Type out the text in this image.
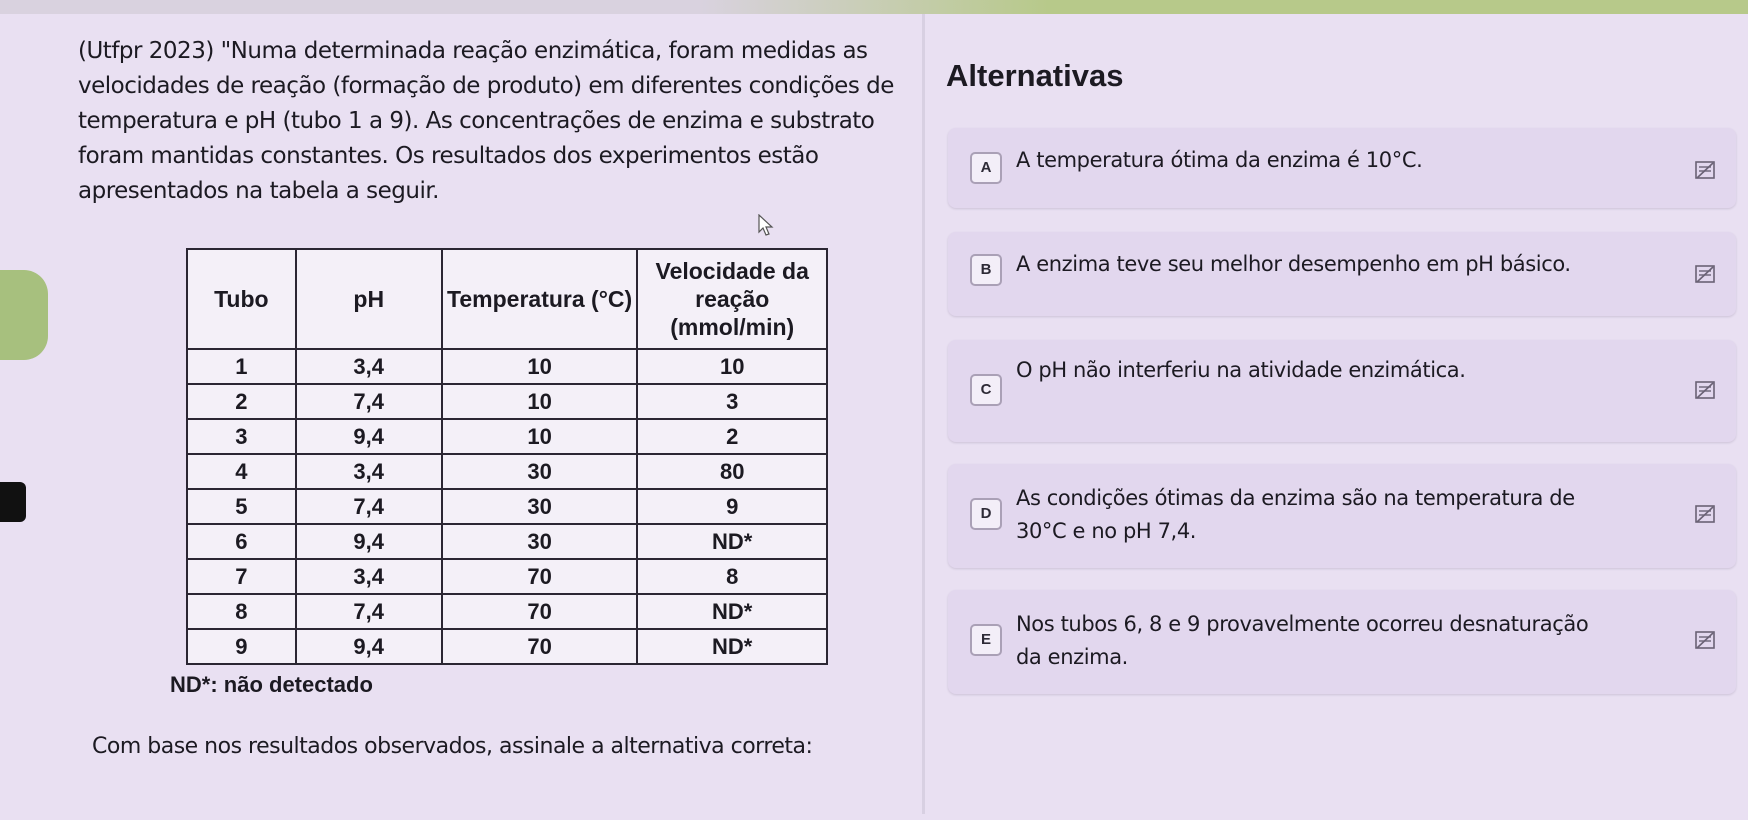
(Utfpr 2023) "Numa determinada reação enzimática, foram medidas as velocidades de reação (formação de produto) em diferentes condições de temperatura e pH (tubo 1 a 9). As concentrações de enzima e substrato foram mantidas constantes. Os resultados dos experimentos estão apresentados na tabela a seguir.

Tubo	pH	Temperatura (°C)	Velocidade da reação (mmol/min)
1	3,4	10	10
2	7,4	10	3
3	9,4	10	2
4	3,4	30	80
5	7,4	30	9
6	9,4	30	ND*
7	3,4	70	8
8	7,4	70	ND*
9	9,4	70	ND*
ND*: não detectado

Com base nos resultados observados, assinale a alternativa correta:

Alternativas
A	A temperatura ótima da enzima é 10°C.
B	A enzima teve seu melhor desempenho em pH básico.
C
O pH não interferiu na atividade enzimática.
D
As condições ótimas da enzima são na temperatura de 30°C e no pH 7,4.
E
Nos tubos 6, 8 e 9 provavelmente ocorreu desnaturação da enzima.
